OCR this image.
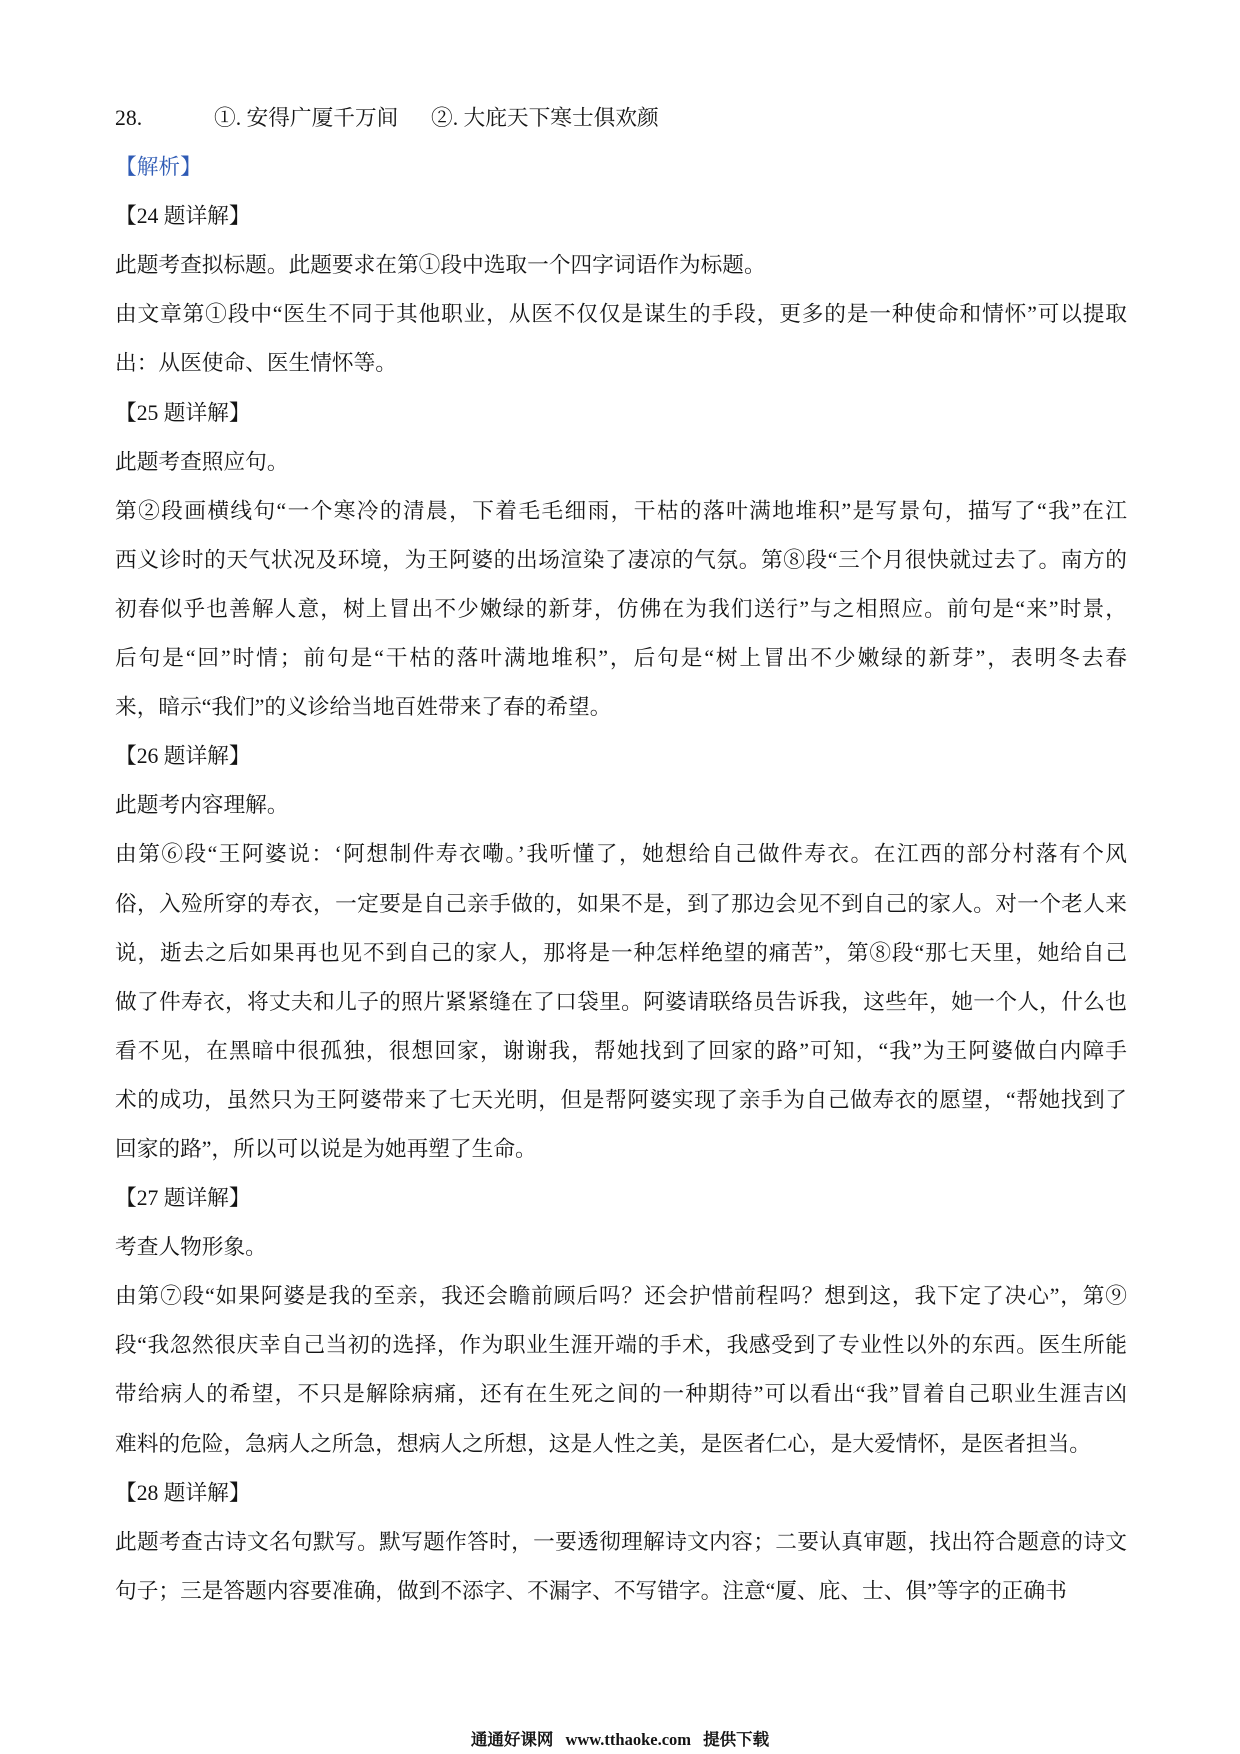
28.	①. 安得广厦千万间 ②. 大庇天下寒士俱欢颜
【解析】
【24 题详解】
此题考查拟标题。此题要求在第①段中选取一个四字词语作为标题。
由文章第①段中“医生不同于其他职业，从医不仅仅是谋生的手段，更多的是一种使命和情怀”可以提取
出：从医使命、医生情怀等。
【25 题详解】
此题考查照应句。
第②段画横线句“一个寒冷的清晨，下着毛毛细雨，干枯的落叶满地堆积”是写景句，描写了“我”在江
西义诊时的天气状况及环境，为王阿婆的出场渲染了凄凉的气氛。第⑧段“三个月很快就过去了。南方的
初春似乎也善解人意，树上冒出不少嫩绿的新芽，仿佛在为我们送行”与之相照应。前句是“来”时景，
后句是“回”时情；前句是“干枯的落叶满地堆积”，后句是“树上冒出不少嫩绿的新芽”，表明冬去春
来，暗示“我们”的义诊给当地百姓带来了春的希望。
【26 题详解】
此题考内容理解。
由第⑥段“王阿婆说：‘阿想制件寿衣嘞。’我听懂了，她想给自己做件寿衣。在江西的部分村落有个风
俗，入殓所穿的寿衣，一定要是自己亲手做的，如果不是，到了那边会见不到自己的家人。对一个老人来
说，逝去之后如果再也见不到自己的家人，那将是一种怎样绝望的痛苦”，第⑧段“那七天里，她给自己
做了件寿衣，将丈夫和儿子的照片紧紧缝在了口袋里。阿婆请联络员告诉我，这些年，她一个人，什么也
看不见，在黑暗中很孤独，很想回家，谢谢我，帮她找到了回家的路”可知，“我”为王阿婆做白内障手
术的成功，虽然只为王阿婆带来了七天光明，但是帮阿婆实现了亲手为自己做寿衣的愿望，“帮她找到了
回家的路”，所以可以说是为她再塑了生命。
【27 题详解】
考查人物形象。
由第⑦段“如果阿婆是我的至亲，我还会瞻前顾后吗？还会护惜前程吗？想到这，我下定了决心”，第⑨
段“我忽然很庆幸自己当初的选择，作为职业生涯开端的手术，我感受到了专业性以外的东西。医生所能
带给病人的希望，不只是解除病痛，还有在生死之间的一种期待”可以看出“我”冒着自己职业生涯吉凶
难料的危险，急病人之所急，想病人之所想，这是人性之美，是医者仁心，是大爱情怀，是医者担当。
【28 题详解】
此题考查古诗文名句默写。默写题作答时，一要透彻理解诗文内容；二要认真审题，找出符合题意的诗文
句子；三是答题内容要准确，做到不添字、不漏字、不写错字。注意“厦、庇、士、俱”等字的正确书
通通好课网 www.tthaoke.com 提供下载
